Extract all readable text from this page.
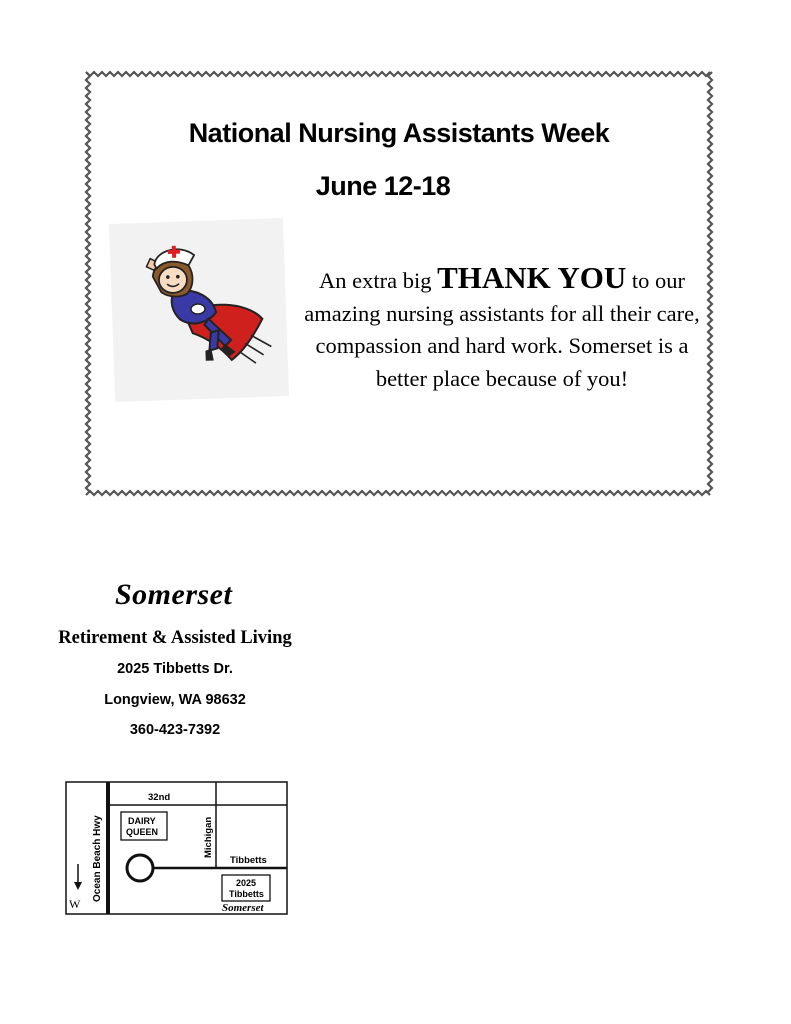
National Nursing Assistants Week
June 12-18
An extra big THANK YOU to our amazing nursing assistants for all their care, compassion and hard work. Somerset is a better place because of you!
Somerset
Retirement & Assisted Living
2025 Tibbetts Dr.
Longview, WA 98632
360-423-7392
32nd
Ocean Beach Hwy	Michigan
Tibbetts
DAIRY
QUEEN
2025
Tibbetts
Somerset
W
